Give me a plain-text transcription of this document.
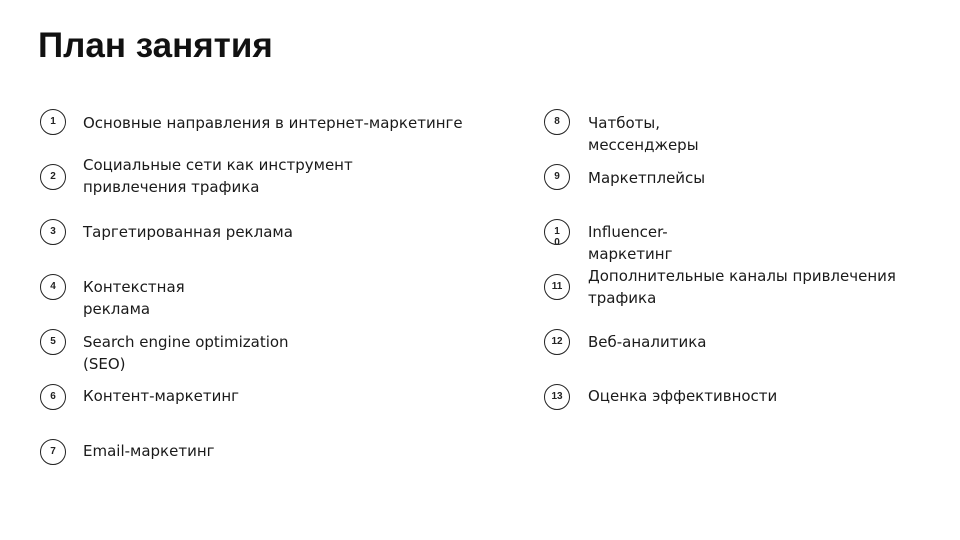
План занятия
1	Основные направления в интернет-маркетинге
2
Социальные сети как инструмент
привлечения трафика
3	Таргетированная реклама
4	Контекстная
реклама
5	Search engine optimization
(SEO)
6	Контент-маркетинг
7	Email-маркетинг
8	Чатботы,
мессенджеры
9	Маркетплейсы
1
0
Influencer-
маркетинг
11
Дополнительные каналы привлечения
трафика
12	Веб-аналитика
13	Оценка эффективности
